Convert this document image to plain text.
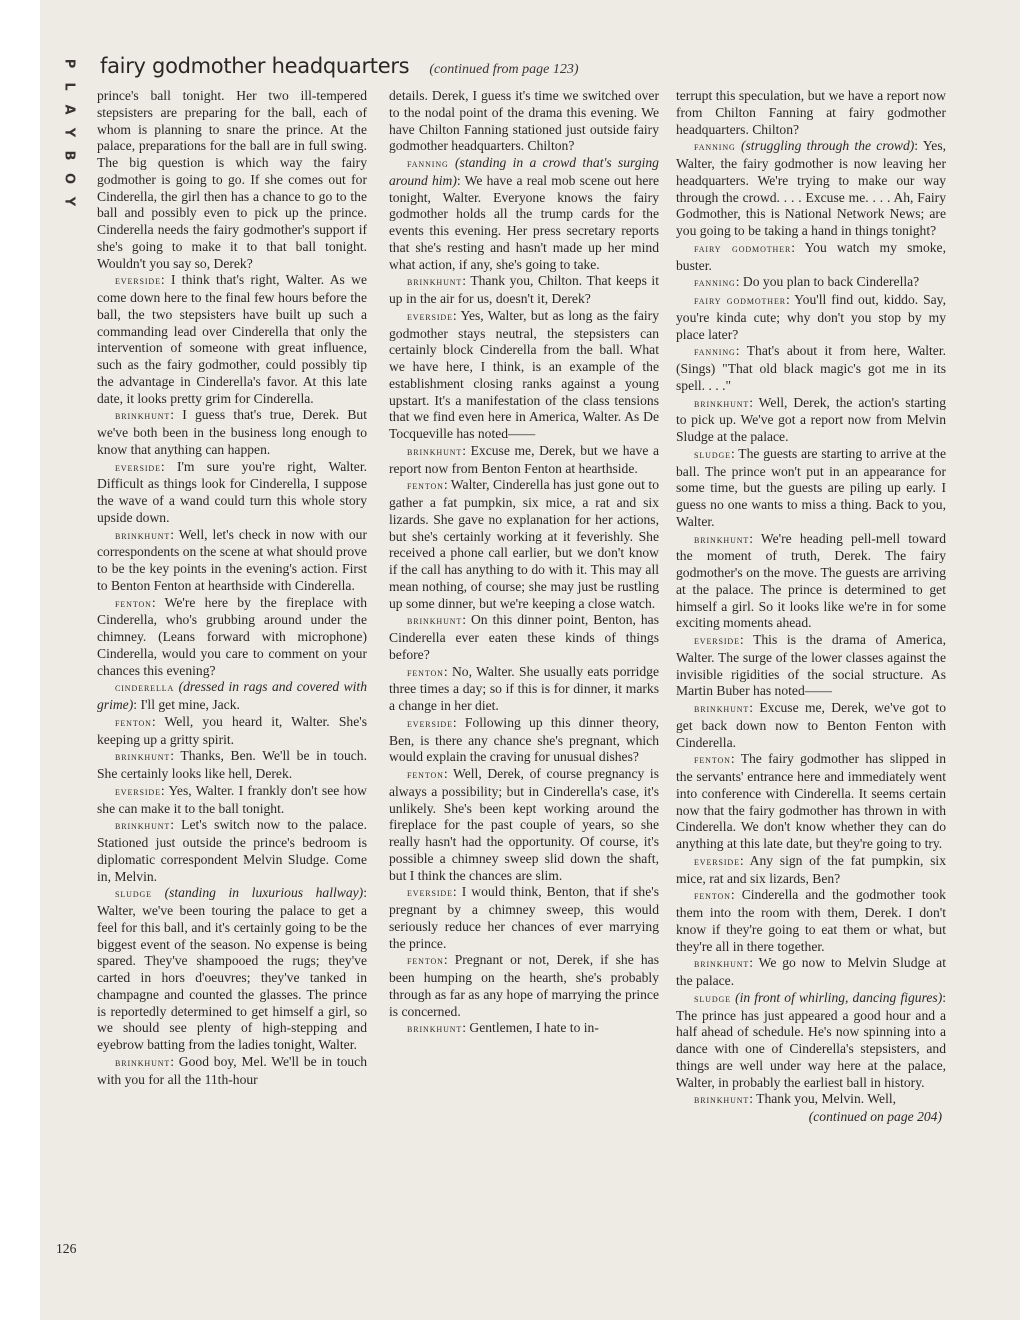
P
L
A
Y
B
O
Y
fairy godmother headquarters (continued from page 123)

prince's ball tonight. Her two ill-tempered stepsisters are preparing for the ball, each of whom is planning to snare the prince. At the palace, preparations for the ball are in full swing. The big question is which way the fairy godmother is going to go. If she comes out for Cinderella, the girl then has a chance to go to the ball and possibly even to pick up the prince. Cinderella needs the fairy godmother's support if she's going to make it to that ball tonight. Wouldn't you say so, Derek?

everside: I think that's right, Walter. As we come down here to the final few hours before the ball, the two stepsisters have built up such a commanding lead over Cinderella that only the intervention of someone with great influence, such as the fairy godmother, could possibly tip the advantage in Cinderella's favor. At this late date, it looks pretty grim for Cinderella.

brinkhunt: I guess that's true, Derek. But we've both been in the business long enough to know that anything can happen.

everside: I'm sure you're right, Walter. Difficult as things look for Cinderella, I suppose the wave of a wand could turn this whole story upside down.

brinkhunt: Well, let's check in now with our correspondents on the scene at what should prove to be the key points in the evening's action. First to Benton Fenton at hearthside with Cinderella.

fenton: We're here by the fireplace with Cinderella, who's grubbing around under the chimney. (Leans forward with microphone) Cinderella, would you care to comment on your chances this evening?

cinderella (dressed in rags and covered with grime): I'll get mine, Jack.

fenton: Well, you heard it, Walter. She's keeping up a gritty spirit.

brinkhunt: Thanks, Ben. We'll be in touch. She certainly looks like hell, Derek.

everside: Yes, Walter. I frankly don't see how she can make it to the ball tonight.

brinkhunt: Let's switch now to the palace. Stationed just outside the prince's bedroom is diplomatic correspondent Melvin Sludge. Come in, Melvin.

sludge (standing in luxurious hallway): Walter, we've been touring the palace to get a feel for this ball, and it's certainly going to be the biggest event of the season. No expense is being spared. They've shampooed the rugs; they've carted in hors d'oeuvres; they've tanked in champagne and counted the glasses. The prince is reportedly determined to get himself a girl, so we should see plenty of high-stepping and eyebrow batting from the ladies tonight, Walter.

brinkhunt: Good boy, Mel. We'll be in touch with you for all the 11th-hour

details. Derek, I guess it's time we switched over to the nodal point of the drama this evening. We have Chilton Fanning stationed just outside fairy godmother headquarters. Chilton?

fanning (standing in a crowd that's surging around him): We have a real mob scene out here tonight, Walter. Everyone knows the fairy godmother holds all the trump cards for the events this evening. Her press secretary reports that she's resting and hasn't made up her mind what action, if any, she's going to take.

brinkhunt: Thank you, Chilton. That keeps it up in the air for us, doesn't it, Derek?

everside: Yes, Walter, but as long as the fairy godmother stays neutral, the stepsisters can certainly block Cinderella from the ball. What we have here, I think, is an example of the establishment closing ranks against a young upstart. It's a manifestation of the class tensions that we find even here in America, Walter. As De Tocqueville has noted——

brinkhunt: Excuse me, Derek, but we have a report now from Benton Fenton at hearthside.

fenton: Walter, Cinderella has just gone out to gather a fat pumpkin, six mice, a rat and six lizards. She gave no explanation for her actions, but she's certainly working at it feverishly. She received a phone call earlier, but we don't know if the call has anything to do with it. This may all mean nothing, of course; she may just be rustling up some dinner, but we're keeping a close watch.

brinkhunt: On this dinner point, Benton, has Cinderella ever eaten these kinds of things before?

fenton: No, Walter. She usually eats porridge three times a day; so if this is for dinner, it marks a change in her diet.

everside: Following up this dinner theory, Ben, is there any chance she's pregnant, which would explain the craving for unusual dishes?

fenton: Well, Derek, of course pregnancy is always a possibility; but in Cinderella's case, it's unlikely. She's been kept working around the fireplace for the past couple of years, so she really hasn't had the opportunity. Of course, it's possible a chimney sweep slid down the shaft, but I think the chances are slim.

everside: I would think, Benton, that if she's pregnant by a chimney sweep, this would seriously reduce her chances of ever marrying the prince.

fenton: Pregnant or not, Derek, if she has been humping on the hearth, she's probably through as far as any hope of marrying the prince is concerned.

brinkhunt: Gentlemen, I hate to in-

terrupt this speculation, but we have a report now from Chilton Fanning at fairy godmother headquarters. Chilton?

fanning (struggling through the crowd): Yes, Walter, the fairy godmother is now leaving her headquarters. We're trying to make our way through the crowd. . . . Excuse me. . . . Ah, Fairy Godmother, this is National Network News; are you going to be taking a hand in things tonight?

fairy godmother: You watch my smoke, buster.

fanning: Do you plan to back Cinderella?

fairy godmother: You'll find out, kiddo. Say, you're kinda cute; why don't you stop by my place later?

fanning: That's about it from here, Walter. (Sings) "That old black magic's got me in its spell. . . ."

brinkhunt: Well, Derek, the action's starting to pick up. We've got a report now from Melvin Sludge at the palace.

sludge: The guests are starting to arrive at the ball. The prince won't put in an appearance for some time, but the guests are piling up early. I guess no one wants to miss a thing. Back to you, Walter.

brinkhunt: We're heading pell-mell toward the moment of truth, Derek. The fairy godmother's on the move. The guests are arriving at the palace. The prince is determined to get himself a girl. So it looks like we're in for some exciting moments ahead.

everside: This is the drama of America, Walter. The surge of the lower classes against the invisible rigidities of the social structure. As Martin Buber has noted——

brinkhunt: Excuse me, Derek, we've got to get back down now to Benton Fenton with Cinderella.

fenton: The fairy godmother has slipped in the servants' entrance here and immediately went into conference with Cinderella. It seems certain now that the fairy godmother has thrown in with Cinderella. We don't know whether they can do anything at this late date, but they're going to try.

everside: Any sign of the fat pumpkin, six mice, rat and six lizards, Ben?

fenton: Cinderella and the godmother took them into the room with them, Derek. I don't know if they're going to eat them or what, but they're all in there together.

brinkhunt: We go now to Melvin Sludge at the palace.

sludge (in front of whirling, dancing figures): The prince has just appeared a good hour and a half ahead of schedule. He's now spinning into a dance with one of Cinderella's stepsisters, and things are well under way here at the palace, Walter, in probably the earliest ball in history.

brinkhunt: Thank you, Melvin. Well,

(continued on page 204)
126
